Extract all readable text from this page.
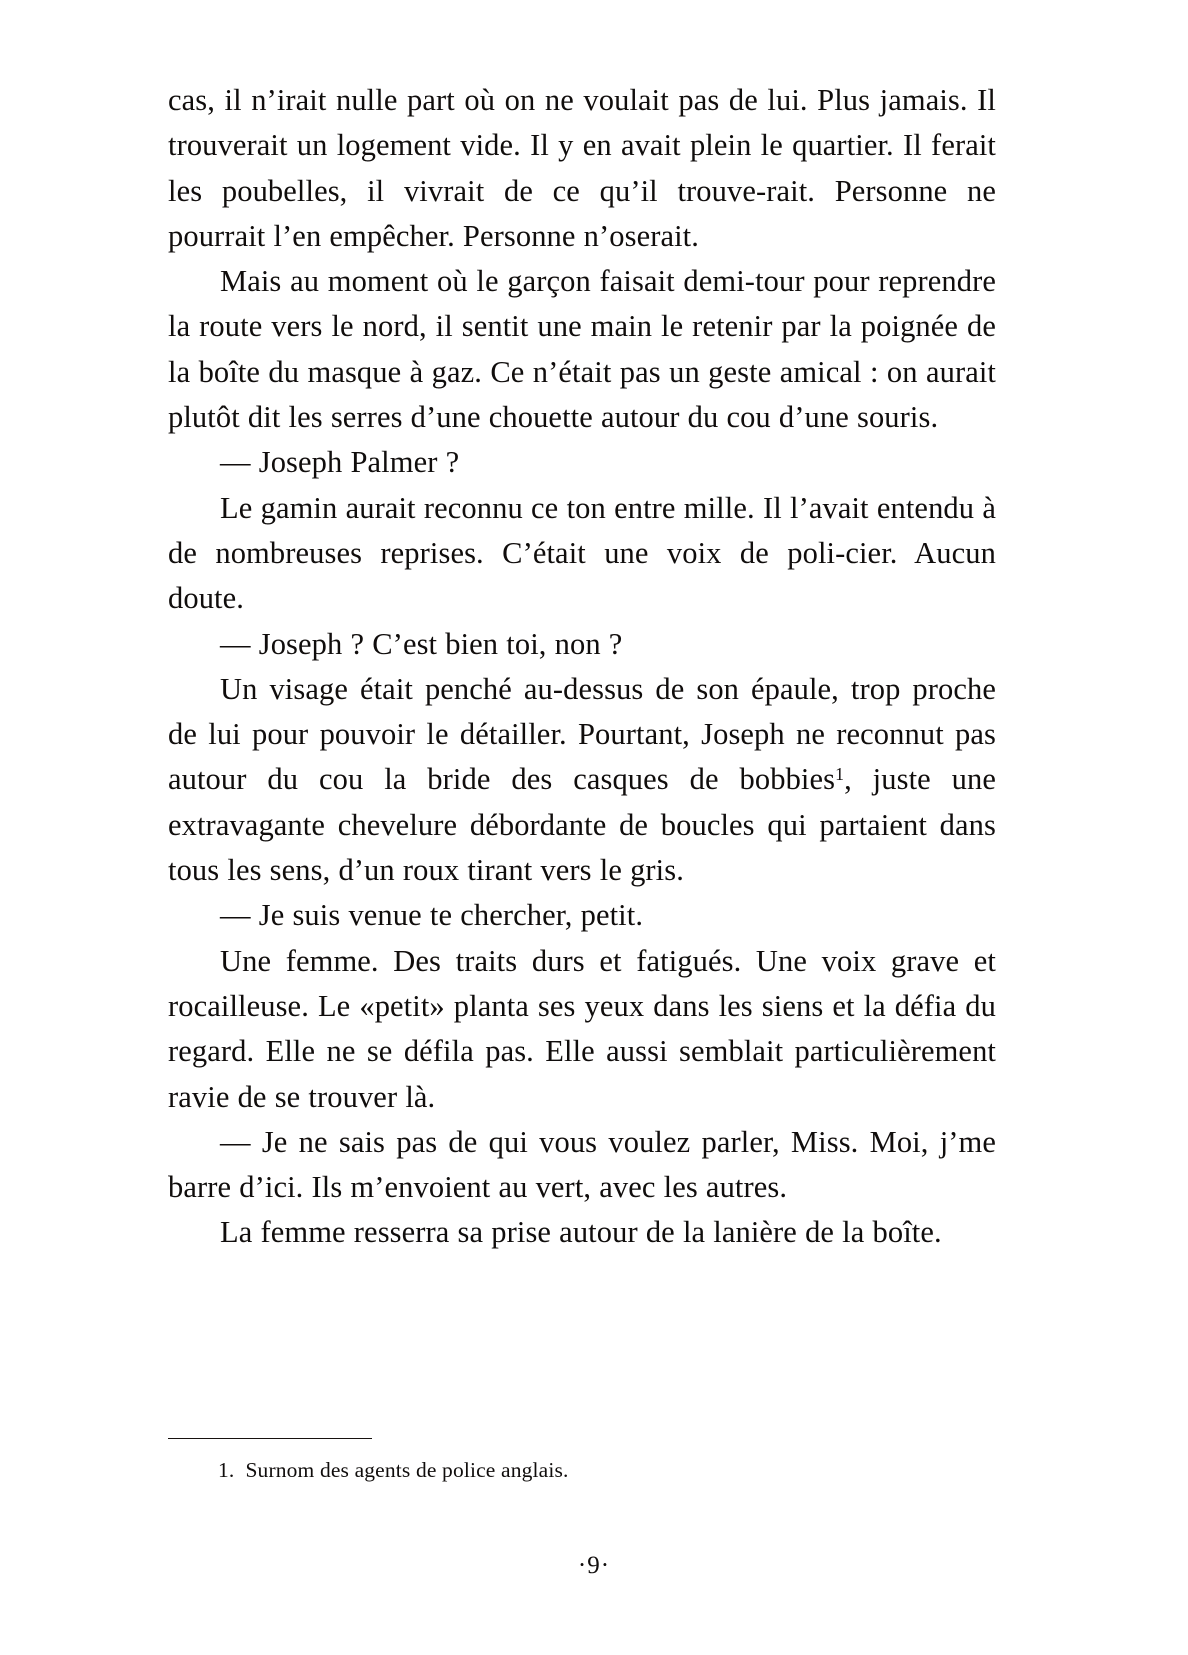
cas, il n’irait nulle part où on ne voulait pas de lui. Plus jamais. Il trouverait un logement vide. Il y en avait plein le quartier. Il ferait les poubelles, il vivrait de ce qu’il trouve-rait. Personne ne pourrait l’en empêcher. Personne n’oserait.

Mais au moment où le garçon faisait demi-tour pour reprendre la route vers le nord, il sentit une main le retenir par la poignée de la boîte du masque à gaz. Ce n’était pas un geste amical : on aurait plutôt dit les serres d’une chouette autour du cou d’une souris.

— Joseph Palmer ?

Le gamin aurait reconnu ce ton entre mille. Il l’avait entendu à de nombreuses reprises. C’était une voix de poli-cier. Aucun doute.

— Joseph ? C’est bien toi, non ?

Un visage était penché au-dessus de son épaule, trop proche de lui pour pouvoir le détailler. Pourtant, Joseph ne reconnut pas autour du cou la bride des casques de bobbies$^1$, juste une extravagante chevelure débordante de boucles qui partaient dans tous les sens, d’un roux tirant vers le gris.

— Je suis venue te chercher, petit.

Une femme. Des traits durs et fatigués. Une voix grave et rocailleuse. Le «petit» planta ses yeux dans les siens et la défia du regard. Elle ne se défila pas. Elle aussi semblait particulièrement ravie de se trouver là.

— Je ne sais pas de qui vous voulez parler, Miss. Moi, j’me barre d’ici. Ils m’envoient au vert, avec les autres.

La femme resserra sa prise autour de la lanière de la boîte.

1. Surnom des agents de police anglais.

·9·
